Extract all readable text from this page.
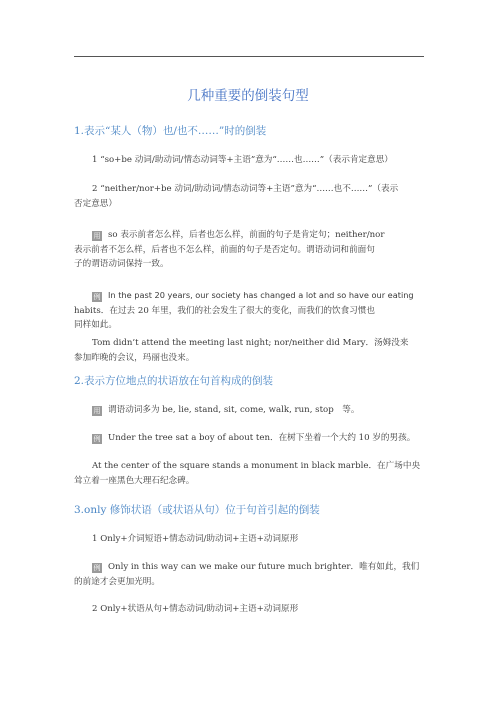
几种重要的倒装句型
1.表示“某人（物）也/也不……”时的倒装
1 “so+be 动词/助动词/情态动词等+主语”意为“……也……”（表示肯定意思）
2 “neither/nor+be 动词/助动词/情态动词等+主语”意为“……也不……”（表示
否定意思）
用 so 表示前者怎么样，后者也怎么样，前面的句子是肯定句；neither/nor
表示前者不怎么样，后者也不怎么样，前面的句子是否定句。谓语动词和前面句
子的谓语动词保持一致。
例 In the past 20 years, our society has changed a lot and so have our eating
habits．在过去 20 年里，我们的社会发生了很大的变化，而我们的饮食习惯也
同样如此。
Tom didn’t attend the meeting last night; nor/neither did Mary．汤姆没来
参加昨晚的会议，玛丽也没来。
2.表示方位地点的状语放在句首构成的倒装
用 谓语动词多为 be, lie, stand, sit, come, walk, run, stop　等。
例 Under the tree sat a boy of about ten．在树下坐着一个大约 10 岁的男孩。
At the center of the square stands a monument in black marble．在广场中央
耸立着一座黑色大理石纪念碑。
3.only 修饰状语（或状语从句）位于句首引起的倒装
1 Only+介词短语+情态动词/助动词+主语+动词原形
例 Only in this way can we make our future much brighter．唯有如此，我们
的前途才会更加光明。
2 Only+状语从句+情态动词/助动词+主语+动词原形
